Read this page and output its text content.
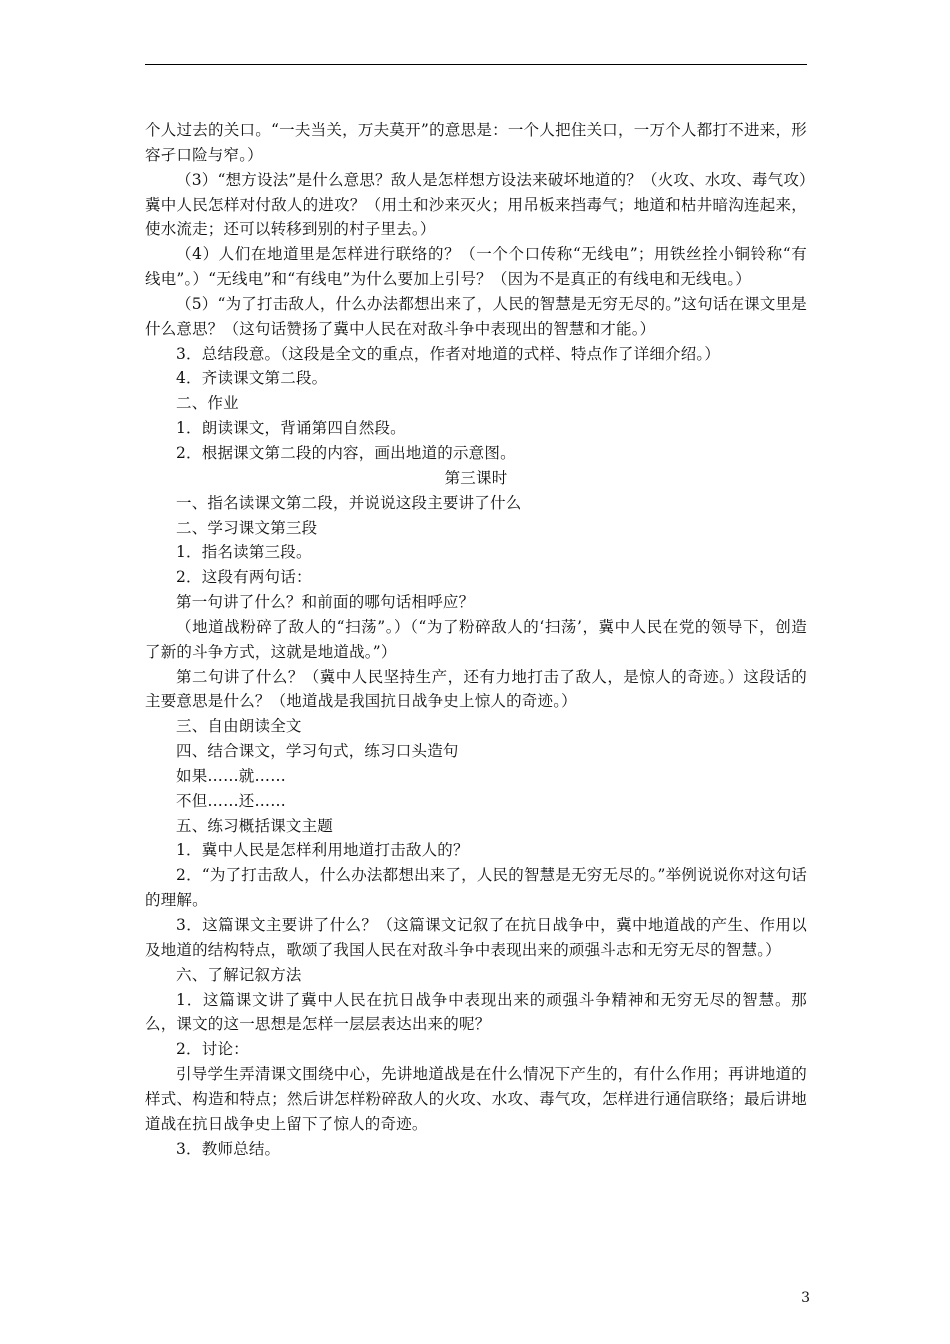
个人过去的关口。“一夫当关，万夫莫开”的意思是：一个人把住关口，一万个人都打不进来，形容孑口险与窄。）

（3）“想方设法”是什么意思？敌人是怎样想方设法来破坏地道的？（火攻、水攻、毒气攻）冀中人民怎样对付敌人的进攻？（用土和沙来灭火；用吊板来挡毒气；地道和枯井暗沟连起来，使水流走；还可以转移到别的村子里去。）

（4）人们在地道里是怎样进行联络的？（一个个口传称“无线电”；用铁丝拴小铜铃称“有线电”。）“无线电”和“有线电”为什么要加上引号？（因为不是真正的有线电和无线电。）

（5）“为了打击敌人，什么办法都想出来了，人民的智慧是无穷无尽的。”这句话在课文里是什么意思？（这句话赞扬了冀中人民在对敌斗争中表现出的智慧和才能。）

3．总结段意。（这段是全文的重点，作者对地道的式样、特点作了详细介绍。）

4．齐读课文第二段。

二、作业

1．朗读课文，背诵第四自然段。

2．根据课文第二段的内容，画出地道的示意图。

第三课时

一、指名读课文第二段，并说说这段主要讲了什么

二、学习课文第三段

1．指名读第三段。

2．这段有两句话：

第一句讲了什么？和前面的哪句话相呼应？

（地道战粉碎了敌人的“扫荡”。）（“为了粉碎敌人的‘扫荡’，冀中人民在党的领导下，创造了新的斗争方式，这就是地道战。”）

第二句讲了什么？（冀中人民坚持生产，还有力地打击了敌人，是惊人的奇迹。）这段话的主要意思是什么？（地道战是我国抗日战争史上惊人的奇迹。）

三、自由朗读全文

四、结合课文，学习句式，练习口头造句

如果……就……

不但……还……

五、练习概括课文主题

1．冀中人民是怎样利用地道打击敌人的？

2．“为了打击敌人，什么办法都想出来了，人民的智慧是无穷无尽的。”举例说说你对这句话的理解。

3．这篇课文主要讲了什么？（这篇课文记叙了在抗日战争中，冀中地道战的产生、作用以及地道的结构特点，歌颂了我国人民在对敌斗争中表现出来的顽强斗志和无穷无尽的智慧。）

六、了解记叙方法

1．这篇课文讲了冀中人民在抗日战争中表现出来的顽强斗争精神和无穷无尽的智慧。那么，课文的这一思想是怎样一层层表达出来的呢？

2．讨论：

引导学生弄清课文围绕中心，先讲地道战是在什么情况下产生的，有什么作用；再讲地道的样式、构造和特点；然后讲怎样粉碎敌人的火攻、水攻、毒气攻，怎样进行通信联络；最后讲地道战在抗日战争史上留下了惊人的奇迹。

3．教师总结。

3
